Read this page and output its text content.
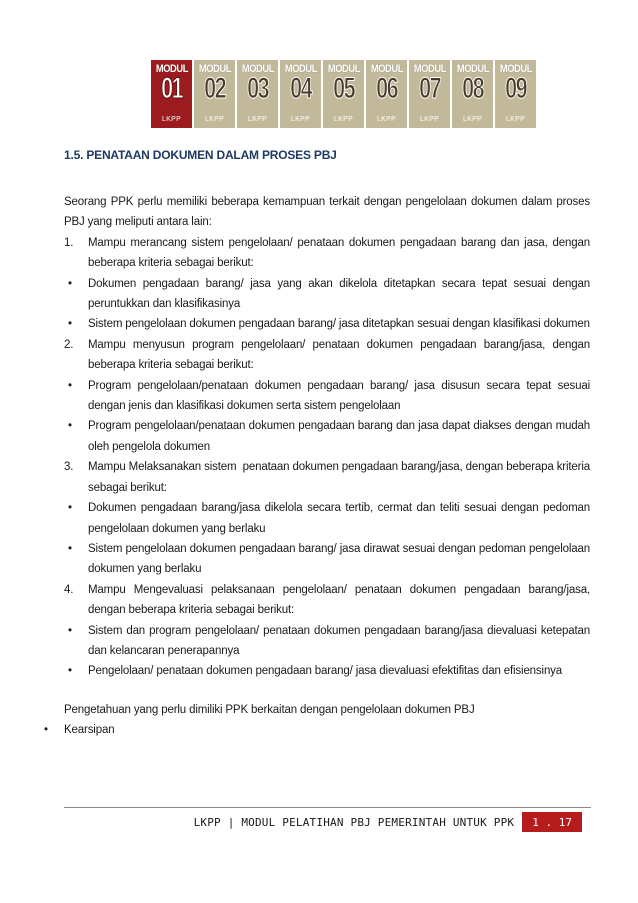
MODUL
01
LKPP
MODUL
02
LKPP
MODUL
03
LKPP
MODUL
04
LKPP
MODUL
05
LKPP
MODUL
06
LKPP
MODUL
07
LKPP
MODUL
08
LKPP
MODUL
09
LKPP
1.5. PENATAAN DOKUMEN DALAM PROSES PBJ

Seorang PPK perlu memiliki beberapa kemampuan terkait dengan pengelolaan dokumen dalam proses PBJ yang meliputi antara lain:

1. Mampu merancang sistem pengelolaan/ penataan dokumen pengadaan barang dan jasa, dengan beberapa kriteria sebagai berikut:
• Dokumen pengadaan barang/ jasa yang akan dikelola ditetapkan secara tepat sesuai dengan peruntukkan dan klasifikasinya
• Sistem pengelolaan dokumen pengadaan barang/ jasa ditetapkan sesuai dengan klasifikasi dokumen
2. Mampu menyusun program pengelolaan/ penataan dokumen pengadaan barang/jasa, dengan beberapa kriteria sebagai berikut:
• Program pengelolaan/penataan dokumen pengadaan barang/ jasa disusun secara tepat sesuai dengan jenis dan klasifikasi dokumen serta sistem pengelolaan
• Program pengelolaan/penataan dokumen pengadaan barang dan jasa dapat diakses dengan mudah oleh pengelola dokumen
3. Mampu Melaksanakan sistem  penataan dokumen pengadaan barang/jasa, dengan beberapa kriteria sebagai berikut:
• Dokumen pengadaan barang/jasa dikelola secara tertib, cermat dan teliti sesuai dengan pedoman pengelolaan dokumen yang berlaku
• Sistem pengelolaan dokumen pengadaan barang/ jasa dirawat sesuai dengan pedoman pengelolaan dokumen yang berlaku
4. Mampu Mengevaluasi pelaksanaan pengelolaan/ penataan dokumen pengadaan barang/jasa, dengan beberapa kriteria sebagai berikut:
• Sistem dan program pengelolaan/ penataan dokumen pengadaan barang/jasa dievaluasi ketepatan dan kelancaran penerapannya
• Pengelolaan/ penataan dokumen pengadaan barang/ jasa dievaluasi efektifitas dan efisiensinya

Pengetahuan yang perlu dimiliki PPK berkaitan dengan pengelolaan dokumen PBJ

• Kearsipan
LKPP | MODUL PELATIHAN PBJ PEMERINTAH UNTUK PPK	1 . 17
